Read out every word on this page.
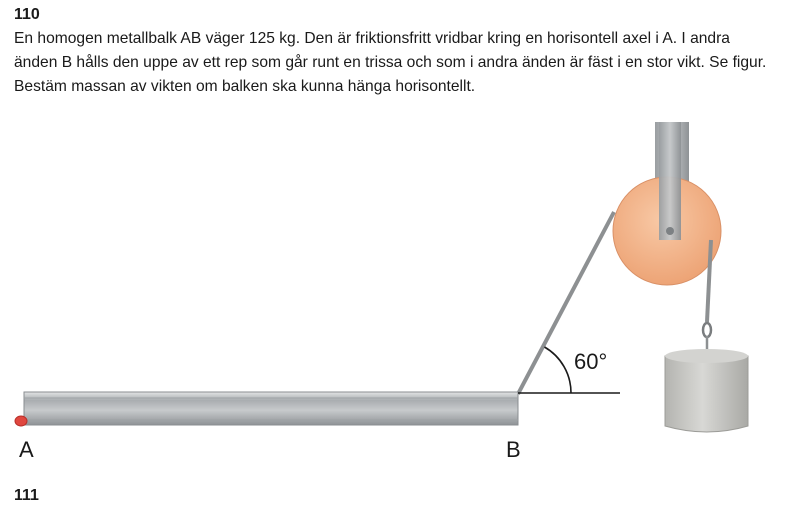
110
En homogen metallbalk AB väger 125 kg. Den är friktionsfritt vridbar kring en horisontell axel i A. I andra änden B hålls den uppe av ett rep som går runt en trissa och som i andra änden är fäst i en stor vikt. Se figur. Bestäm massan av vikten om balken ska kunna hänga horisontellt.
60°
A	B
111
